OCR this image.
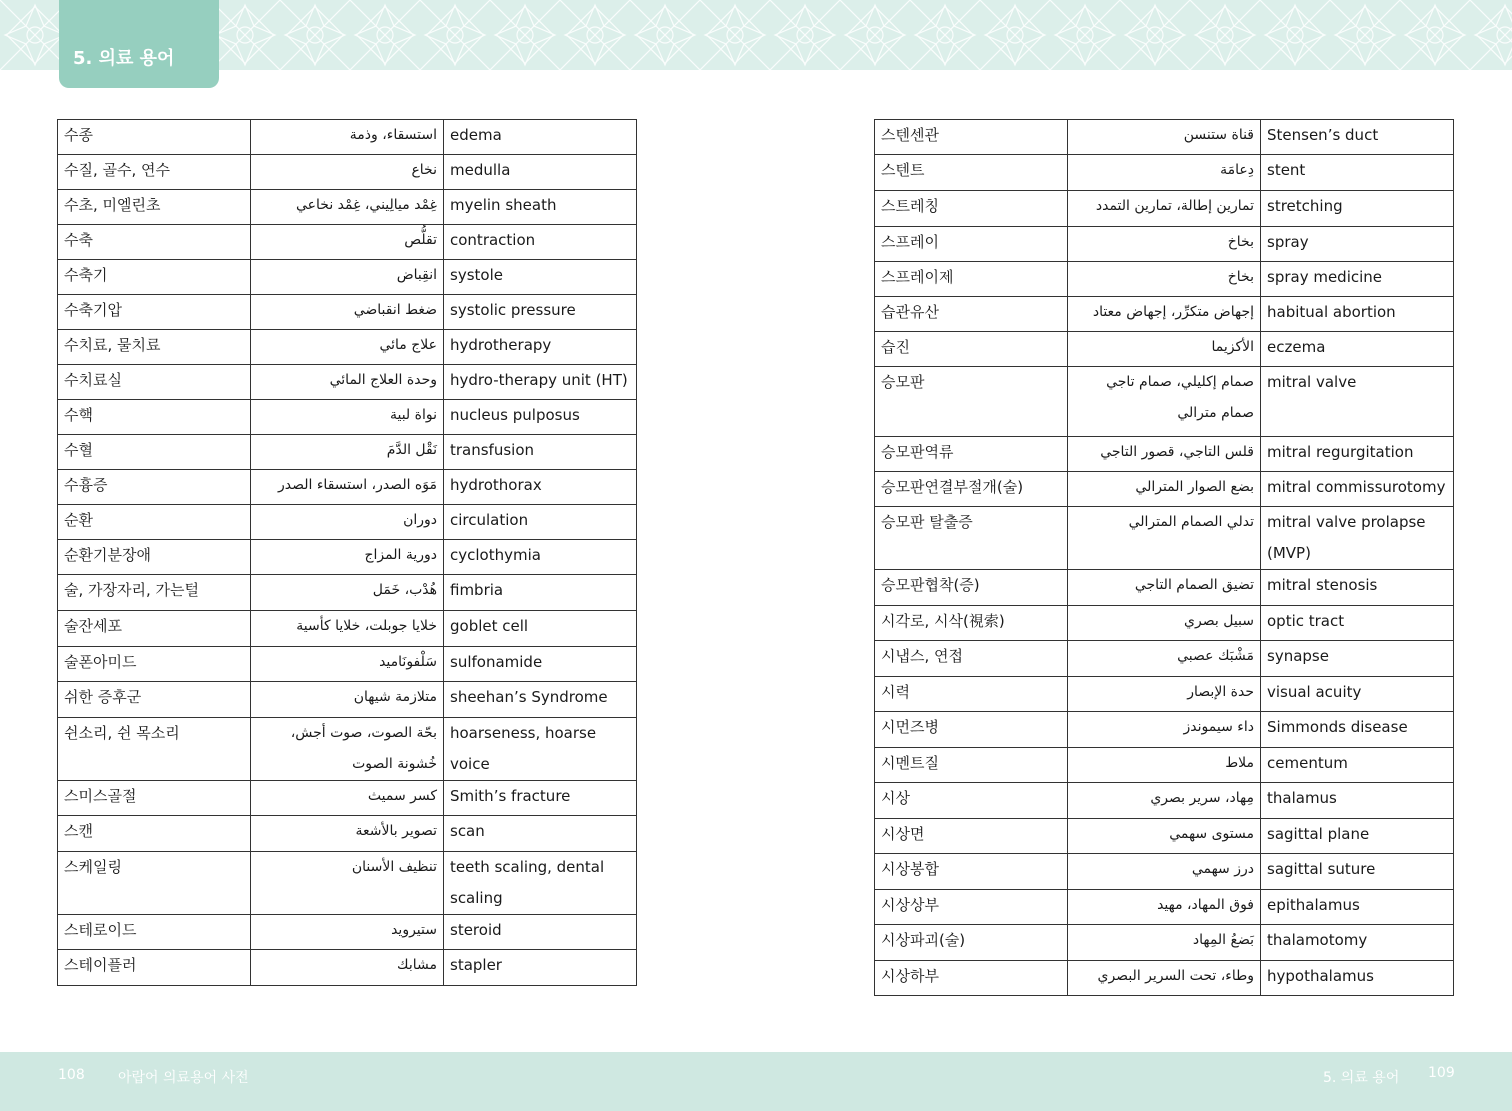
5. 의료 용어
수종	استسقاء، وذمة	edema
수질, 골수, 연수	نخاع	medulla
수초, 미엘린초	غِمْد ميالِيني، غِمْد نخاعي	myelin sheath
수축	تقلُّص	contraction
수축기	انقِباض	systole
수축기압	ضغط انقباضي	systolic pressure
수치료, 물치료	علاج مائي	hydrotherapy
수치료실	وحدة العلاج المائي	hydro-therapy unit (HT)
수핵	نواة لبية	nucleus pulposus
수혈	نَقْل الدَّمَ	transfusion
수흉증	مَوَه الصدر، استسقاء الصدر	hydrothorax
순환	دوران	circulation
순환기분장애	دورية المزاج	cyclothymia
술, 가장자리, 가는털	هُدْب، خَمَل	fimbria
술잔세포	خلايا جوبلت، خلايا كأسية	goblet cell
술폰아미드	سَلْفونَاميد	sulfonamide
쉬한 증후군	متلازمة شيهان	sheehan’s Syndrome
쉰소리, 쉰 목소리	بحّة الصوت، صوت أجش، خُشونة الصوت	hoarseness, hoarse voice
스미스골절	كسر سميث	Smith’s fracture
스캔	تصوير بالأشعة	scan
스케일링	تنظيف الأسنان	teeth scaling, dental scaling
스테로이드	ستيرويد	steroid
스테이플러	مشابك	stapler
스텐센관	قناة ستنسن	Stensen’s duct
스텐트	دِعامَة	stent
스트레칭	تمارين إطالة، تمارين التمدد	stretching
스프레이	بخاخ	spray
스프레이제	بخاخ	spray medicine
습관유산	إجهاض متكرِّر، إجهاض معتاد	habitual abortion
습진	الأكزيما	eczema
승모판	صمام إكليلي، صمام تاجي صمام مترالي	mitral valve
승모판역류	قلس التاجي، قصور التاجي	mitral regurgitation
승모판연결부절개(술)	بضع الصوار المترالي	mitral commissurotomy
승모판 탈출증	تدلي الصمام المترالي	mitral valve prolapse (MVP)
승모판협착(증)	تضيق الصمام التاجي	mitral stenosis
시각로, 시삭(視索)	سبيل بصري	optic tract
시냅스, 연접	مَشْبَك عصبي	synapse
시력	حدة الإبصار	visual acuity
시먼즈병	داء سيموندز	Simmonds disease
시멘트질	ملاط	cementum
시상	مِهاد، سرير بصري	thalamus
시상면	مستوى سهمي	sagittal plane
시상봉합	درز سهمي	sagittal suture
시상상부	فوق المهاد، مهيد	epithalamus
시상파괴(술)	بَضعُ المِهاد	thalamotomy
시상하부	وطاء، تحت السرير البصري	hypothalamus
108 아랍어 의료용어 사전	5. 의료 용어 109
